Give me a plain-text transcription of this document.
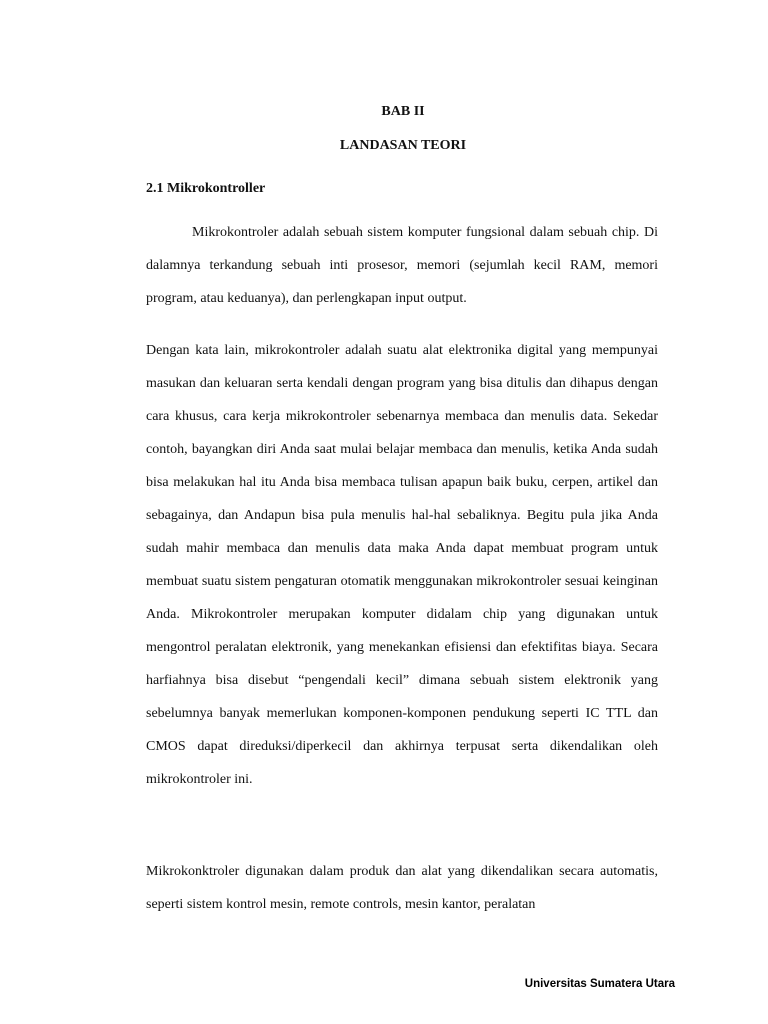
BAB II
LANDASAN TEORI
2.1 Mikrokontroller

Mikrokontroler adalah sebuah sistem komputer fungsional dalam sebuah chip. Di dalamnya terkandung sebuah inti prosesor, memori (sejumlah kecil RAM, memori program, atau keduanya), dan perlengkapan input output.

Dengan kata lain, mikrokontroler adalah suatu alat elektronika digital yang mempunyai masukan dan keluaran serta kendali dengan program yang bisa ditulis dan dihapus dengan cara khusus, cara kerja mikrokontroler sebenarnya membaca dan menulis data. Sekedar contoh, bayangkan diri Anda saat mulai belajar membaca dan menulis, ketika Anda sudah bisa melakukan hal itu Anda bisa membaca tulisan apapun baik buku, cerpen, artikel dan sebagainya, dan Andapun bisa pula menulis hal-hal sebaliknya. Begitu pula jika Anda sudah mahir membaca dan menulis data maka Anda dapat membuat program untuk membuat suatu sistem pengaturan otomatik menggunakan mikrokontroler sesuai keinginan Anda. Mikrokontroler merupakan komputer didalam chip yang digunakan untuk mengontrol peralatan elektronik, yang menekankan efisiensi dan efektifitas biaya. Secara harfiahnya bisa disebut “pengendali kecil” dimana sebuah sistem elektronik yang sebelumnya banyak memerlukan komponen-komponen pendukung seperti IC TTL dan CMOS dapat direduksi/diperkecil dan akhirnya terpusat serta dikendalikan oleh mikrokontroler ini.

Mikrokonktroler digunakan dalam produk dan alat yang dikendalikan secara automatis, seperti sistem kontrol mesin, remote controls, mesin kantor, peralatan

Universitas Sumatera Utara
